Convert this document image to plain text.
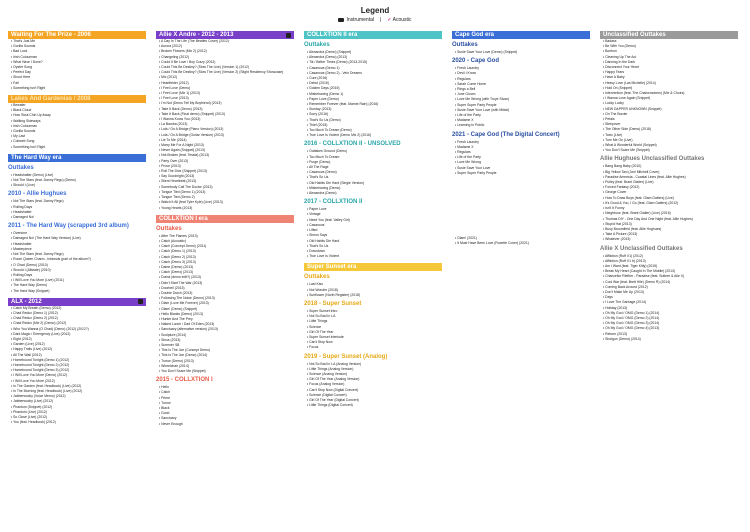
Legend
Instrumental | ✓ Acoustic
Waiting For The Prize - 2006
• That's Just Me
• Gorilla Sounds
• Bad Luck
• Irish Colourman
• What Have I Done?
• Oyster Song
• Perfect Day
• Shoot Here
• Fall
• Something Isn't Right
Lakes And Gardenias / 2008
• Bewater
• Black Cloud
• How 'Bout Chin Up Away
• Walking Sideways
• Irish Colourman
• Gorilla Sounds
• My Last
• Cobweb Song
• Something Isn't Right
The Hard Way era
Outtakes
• Headshatter (Demo) (Live)
• Not The Stars (feat. Danny Rego) (Demo)
• Should I (Live)
2010 - Allie Hughues
• Not The Stars (feat. Danny Rego)
• Rolling Days
• Headshatter
• Damaged No!
2011 - The Hard Way (scrapped 3rd album)
• Overtone
• Damaged No! (The Hard Way Version) (Live)
• Headshatter
• Masterpiece
• Not The Stars (feat. Danny Rego)
• Room Queen Charm - Infamuls (part of the album?)
• O Chad (Demo) (2010)
• Should I (Allstate) (2010)
• Rolling Days
• I Will Love You More (Live) (2011)
• The Hard Way (Demo)
• The Hard Way (Snippet)
ALX - 2012
• Catch My Breath (Demo) (2012)
• Chad Redux (Demo 1) (2012)
• Chad Redux (Demo 2) (2012)
• Chad Redux (Mix 2) (Demo) (2012)
• Who You Wanna (O Chad) (Demo) (2012) (2012?)
• Dark Magic / Emergency (Live) (2012)
• Eight (2012)
• Garden (Live) (2012)
• Happy Trails (Live) (2012)
• All The Wall (2012)
• Homebound Tonight (Demo 1) (2012)
• Homebound Tonight (Demo 2) (2012)
• Homebound Tonight (Demo 3) (2012)
• I Will Love You More (Demo) (2012)
• I Will Love You More (2012)
• In The Garden (feat. Headbook) (Live) (2012)
• In The Morning (feat. Headbook) (Live) (2012)
• Jabberwocky (Voice Memo) (2012)
• Jabberwocky (Live) (2012)
• Phantom (Snippet) (2012)
• Phantom (Live) (2012)
• So Close (Live) (2012)
• You (feat. Headbook) (2012)
Allie X Andre - 2012 - 2013
• A Day In The Life (The Beatles Cover) (2012)
• Aurora (2012)
• Broken Flowers (Mix 2) (2012)
• Changeling (2012)
• Could It Be Love / Boy Crazy (2012)
• Could This Be Destiny? (Slow The Live) (Version 1) (2012)
• Could This Be Destiny? (Slow The Live) (Version 2) (Slight Residency Showcase)
• Mix (2012)
• Heartfelder (2012)
• I Feel Love (Demo)
• I Feel Love (Mix 1) (2013)
• I Feel Love (2013)
• I'm Not (Demo Tell My Boyfriend) (2013)
• Take It Back (Demo) (2013)
• Take It Back (Final demo) (Snippet) (2013)
• I Wanna Know You (2013)
• La Bamba (2013)
• Lola / On A Bridge (Piano Version) (2013)
• Lola / On A Bridge (Guitar Version) (2013)
• Lie To Me (2014)
• Marry Me For A Night (2013)
• Never Again (Snippet) (2013)
• Not Broken (feat. Tessla) (2013)
• Party Over (2013)
• Prove (2013)
• Roll The Dice (Snippet) (2013)
• Say Goodnight (2013)
• Silent Heartbeat (2013)
• Somebody Call The Doctor (2013)
• Tongue Tied (Demo 1) (2013)
• Tongue Tied (Demo 2)
• Watch It All (feat Tyler Kyle) (Live) (2013)
• Young Hearts (2013)
COLLXTION I era
Outtakes
• After The Flames (2013)
• Catch (Acoustic)
• Catch (Concept Demo) (2011)
• Catch (Demo 1) (2013)
• Catch (Demo 2) (2013)
• Catch (Demo 3) (2013)
• Dame (Demo) (2013)
• Catch (Demo) (2013)
• Doma (demo edit?) (2013)
• Didn't Start The War (2013)
• Doorbell (2013)
• Double Dutch (2013)
• Following The Noise (Demo) (2013)
• Glam (Love Me Forever) (2013)
• Glam! (Demo) (Snippet)
• Hello Blanks (Demo) (2013)
• Hunter And The Prey
• Naked Lunch / Dad Of Eden (2013)
• Sanctuary (alternative version) (2013)
• Sculpture (2014)
• Sinus (2013)
• Summer '68
• This Is The Joe (Concept Demo)
• This Is The Joe (Demo) (2014)
• Tumor (Demo) (2013)
• Wheelchair (2014)
• You Don't Scare Me (Snippet)
2015 - COLLXTION I
• Hello
• Catch
• Prime
• Tumor
• Black
• Good
• Sanctuary
• Never Enough
COLLXTION II era
Outtakes
• Alexandra (Demo) (Snippet)
• Alexandra (Demo) (2013)
• Tik / Better Times (Demo) (2013-2015)
• Casanova (Demo 1)
• Casanova (Demo 2) - Vein Dreams
• Cure (2016)
• Debut (2015)
• Golden Days (2015)
• Misbehaving (Demo 1)
• Paper Love (Demo)
• Remember Forever (feat. Marnie Rain) (2016)
• Sunday (2013)
• Sorry (2016)
• That's So Us (Demo)
• Thief (2015)
• Too Much To Dream (Demo)
• True Love Is Violent (Demo Mix 2) (2016)
2016 - COLLXTION II - UNSOLVED
• Outtakes Ground (Demo)
• Too Much To Dream
• Purge (Demo)
• All The Rage
• Casanova (Demo)
• That's So Us
• Old Habits Die Hard (Single Version)
• Misbehaving (Demo)
• Alexandra (Demo)
2017 - COLLXTION II
• Paper Love
• Vintage
• Need You (feat. Valley Girl)
• Casanova
• Lifted
• Simon Says
• Old Habits Die Hard
• That's So Us
• Downtown
• True Love Is Violent
Super Sunset era
Outtakes
• Last Kiss
• Not Wonder (2018)
• Sunflower (North Register) (2018)
2018 - Super Sunset
• Super Sunset Intro
• Not So Bad In LA
• Little Things
• Science
• Girl Of The Year
• Super Sunset Interlude
• Can't Stop Now
• Focus
2019 - Super Sunset (Analog)
• Not So Bad In LA (Analog Version)
• Little Things (Analog Version)
• Science (Analog Version)
• Girl Of The Year (Analog Version)
• Focus (Analog Version)
• Can't Stop Now (Digital Concert)
• Science (Digital Concert)
• Girl Of The Year (Digital Concert)
• Little Things (Digital Concert)
Cape God era
Outtakes
• Susie Save Your Love (Demo) (Snippet)
2020 - Cape God
• Fresh Laundry
• Devil I Know
• Regulars
• Sarah Come Home
• Rings a Bell
• June Gloom
• Love Me Wrong (with Troye Sivan)
• Super Super Party People
• Susie Save Your Love (with Mitski)
• Life of the Party
• Madame X
• Learning In Public
2021 - Cape God (The Digital Concert)
• Fresh Laundry
• Madame X
• Regulars
• Life of the Party
• Love Me Wrong
• Susie Save Your Love
• Super Super Party People
• Glam! (2021)
• It Must Have Been Love (Roxette Cover) (2021)
Unclassified Outtakes
• Badass
• Be With You (Demo)
• Bonbon
• Cleaning Up The Act
• Dancing In the Dark
• Disconnect Your Heart
• Happy Tears
• Have A Baby
• Heavy Love (Las Michelle) (2014)
• Hold On (Snippet)
• Intervention (feat. The Chainsmokers) (Mix & Choirs)
• I Wanna Love Again (Snippet)
• Lucky Lucky
• NEW DAPPER UNKNOWN (Snippet)
• On The Border
• Petals
• Sleepover
• The Other Side (Demo) (2018)
• Toxic (Live)
• Turn Me On (Live)
• What A Wonderful World (Snippet)
• You Don't Scare Me (Snippet)
Allie Hughues Unclassified Outtakes
• Bang Bang Baby (2010)
• Big Yellow Taxi (Joni Mitchell Cover)
• Paradise Amnesia - Coastal Lines (feat. Allie Hughes)
• Pulley (feat. Brant Glaiter) (Live)
• Forced Fantasy (2012)
• George Cover
• How To Draw Boys (feat. Glam Gaiters) (Live)
• It's Good & You, I Go (feat. Glam Gaiters) (2012)
• Isn't It Funny
• Neighbour (feat. Brant Glaiter) (Live) (2016)
• Thomas DIY - One Day And One Night (feat. Allie Hughes)
• Stupid Hat (2013)
• Busy Broomfield (feat. Allie Hughues)
• Take A Picture (2013)
• Whatever (2013)
Allie X Unclassified Outtakes
• Affliction (Ruff V1) (2012)
• Affliction (Ruff V1 b) (2013)
• Am I Want (feat. Tiger Kitty) (2015)
• Break My Heart (Caught In The Middle) (2013)
• Chancellor Riefher - Paradise (feat. Suttree & Alie X)
• Cool War (feat. Brett Hile) (Demo R) (2014)
• Coming Back Around (2012)
• Don't Make Me Up (2013)
• Days
• I Love The Garbage (2014)
• Holiday (2013)
• Oh My God / OMG (Demo 1) (2014)
• Oh My God / OMG (Demo 2) (2014)
• Oh My God / OMG (Demo 3) (2014)
• Oh My God / OMG (Demo 4) (2013)
• Reborn (2013)
• Shotgun (Demo) (2014)
